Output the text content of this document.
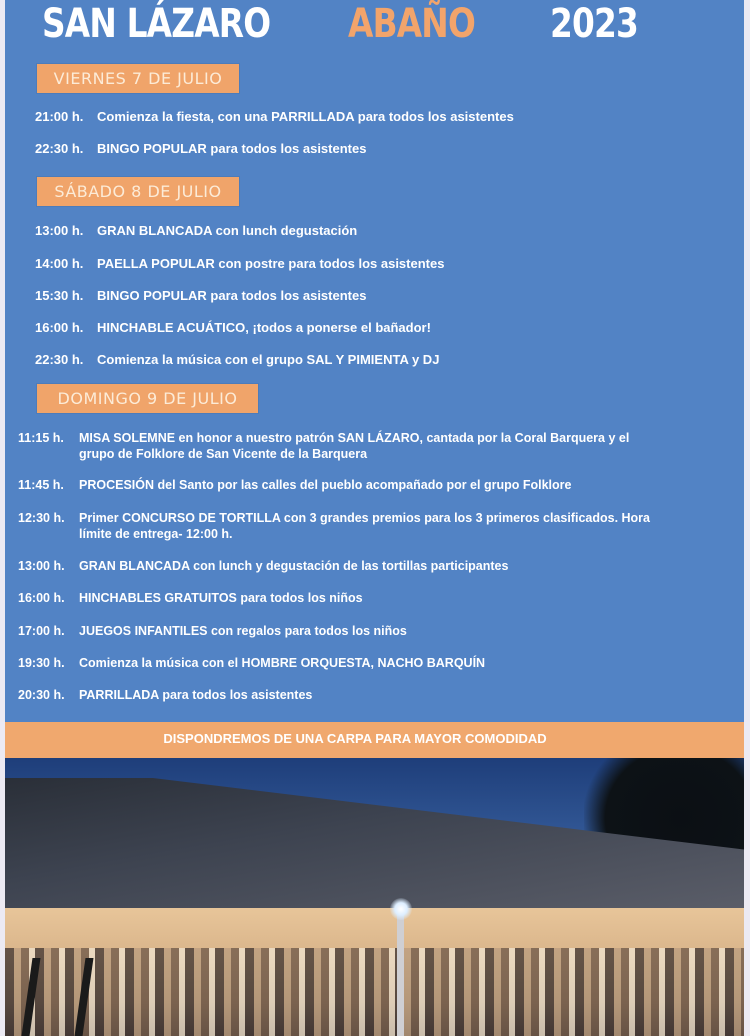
SAN LÁZARO ABAÑO 2023
VIERNES 7 DE JULIO
21:00 h. Comienza la fiesta, con una PARRILLADA para todos los asistentes
22:30 h. BINGO POPULAR para todos los asistentes
SÁBADO 8 DE JULIO
13:00 h. GRAN BLANCADA con lunch degustación
14:00 h. PAELLA POPULAR con postre para todos los asistentes
15:30 h. BINGO POPULAR para todos los asistentes
16:00 h. HINCHABLE ACUÁTICO, ¡todos a ponerse el bañador!
22:30 h. Comienza la música con el grupo SAL Y PIMIENTA y DJ
DOMINGO 9 DE JULIO
11:15 h. MISA SOLEMNE en honor a nuestro patrón SAN LÁZARO, cantada por la Coral Barquera y el
grupo de Folklore de San Vicente de la Barquera
11:45 h. PROCESIÓN del Santo por las calles del pueblo acompañado por el grupo Folklore
12:30 h. Primer CONCURSO DE TORTILLA con 3 grandes premios para los 3 primeros clasificados. Hora
límite de entrega- 12:00 h.
13:00 h. GRAN BLANCADA con lunch y degustación de las tortillas participantes
16:00 h. HINCHABLES GRATUITOS para todos los niños
17:00 h. JUEGOS INFANTILES con regalos para todos los niños
19:30 h. Comienza la música con el HOMBRE ORQUESTA, NACHO BARQUÍN
20:30 h. PARRILLADA para todos los asistentes
DISPONDREMOS DE UNA CARPA PARA MAYOR COMODIDAD
